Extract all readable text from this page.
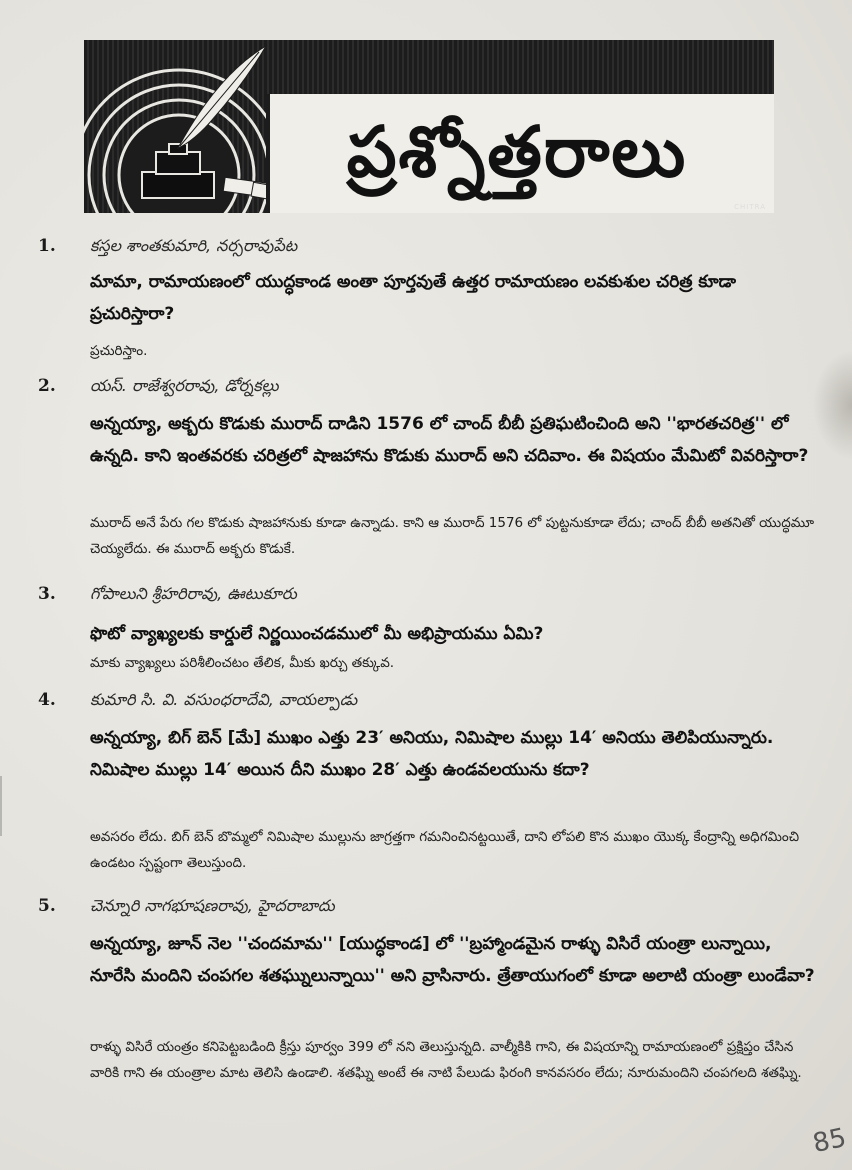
ప్రశ్నోత్తరాలు
CHITRA
1. కస్తల శాంతకుమారి, నర్సరావుపేట
మామా, రామాయణంలో యుద్ధకాండ అంతా పూర్తవుతే ఉత్తర రామాయణం లవకుశుల చరిత్ర కూడా ప్రచురిస్తారా?
ప్రచురిస్తాం.
2. యస్. రాజేశ్వరరావు, డోర్నకల్లు
అన్నయ్యా, అక్బరు కొడుకు మురాద్ దాడిని 1576 లో చాంద్ బీబీ ప్రతిఘటించింది అని ''భారతచరిత్ర'' లో ఉన్నది. కాని ఇంతవరకు చరిత్రలో షాజహాను కొడుకు మురాద్ అని చదివాం. ఈ విషయం మేమిటో వివరిస్తారా?
మురాద్ అనే పేరు గల కొడుకు షాజహానుకు కూడా ఉన్నాడు. కాని ఆ మురాద్ 1576 లో పుట్టనుకూడా లేదు; చాంద్ బీబీ అతనితో యుద్ధమూ చెయ్యలేదు. ఈ మురాద్ అక్బరు కొడుకే.
3. గోపాలుని శ్రీహరిరావు, ఊటుకూరు
ఫొటో వ్యాఖ్యలకు కార్డులే నిర్ణయించడములో మీ అభిప్రాయము ఏమి?
మాకు వ్యాఖ్యలు పరిశీలించటం తేలిక, మీకు ఖర్చు తక్కువ.
4. కుమారి సి. వి. వసుంధరాదేవి, వాయల్పాడు
అన్నయ్యా, బిగ్ బెన్ [మే] ముఖం ఎత్తు 23′ అనియు, నిమిషాల ముల్లు 14′ అనియు తెలిపియున్నారు. నిమిషాల ముల్లు 14′ అయిన దీని ముఖం 28′ ఎత్తు ఉండవలయును కదా?
అవసరం లేదు. బిగ్ బెన్ బొమ్మలో నిమిషాల ముల్లును జాగ్రత్తగా గమనించినట్టయితే, దాని లోపలి కొన ముఖం యొక్క కేంద్రాన్ని అధిగమించి ఉండటం స్పష్టంగా తెలుస్తుంది.
5. చెన్నూరి నాగభూషణరావు, హైదరాబాదు
అన్నయ్యా, జూన్ నెల ''చందమామ'' [యుద్ధకాండ] లో ''బ్రహ్మాండమైన రాళ్ళు విసిరే యంత్రా లున్నాయి, నూరేసి మందిని చంపగల శతఘ్నులున్నాయి'' అని వ్రాసినారు. త్రేతాయుగంలో కూడా అలాటి యంత్రా లుండేవా?
రాళ్ళు విసిరే యంత్రం కనిపెట్టబడింది క్రీస్తు పూర్వం 399 లో నని తెలుస్తున్నది. వాల్మీకికి గాని, ఈ విషయాన్ని రామాయణంలో ప్రక్షిప్తం చేసిన వారికి గాని ఈ యంత్రాల మాట తెలిసి ఉండాలి. శతఘ్ని అంటే ఈ నాటి పేలుడు ఫిరంగి కానవసరం లేదు; నూరుమందిని చంపగలది శతఘ్ని.
85
